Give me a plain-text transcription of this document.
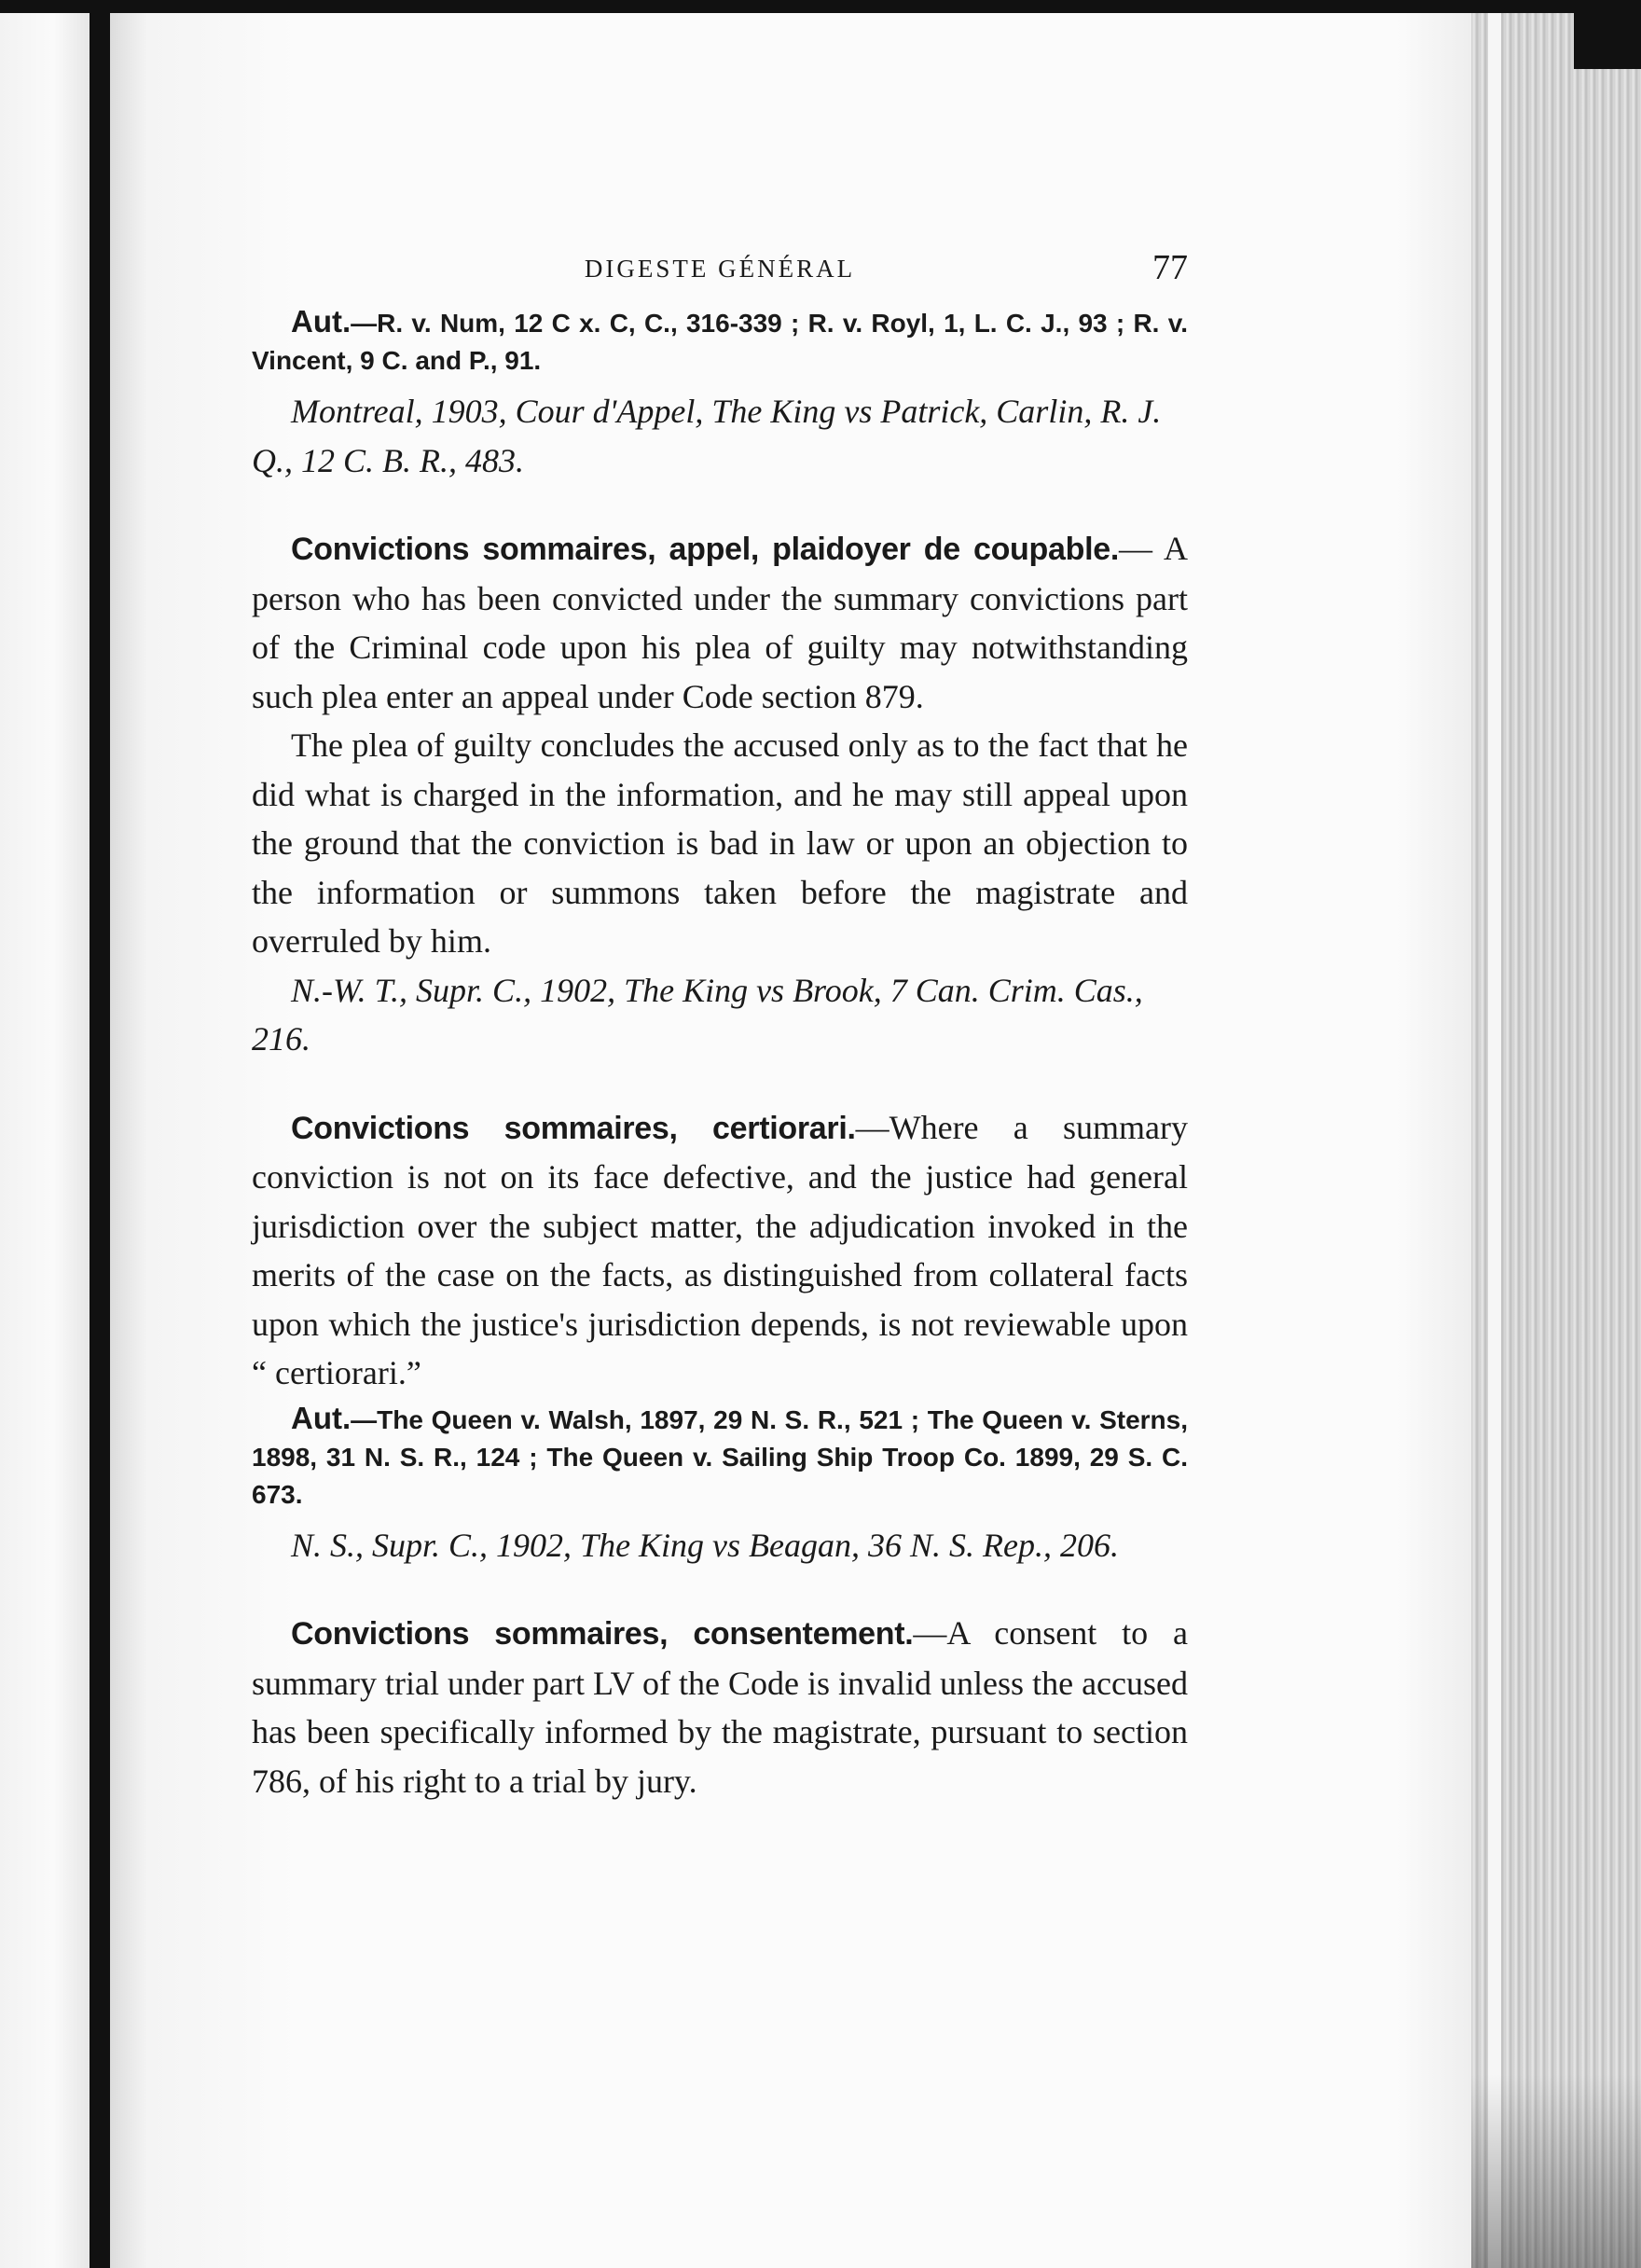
DIGESTE GÉNÉRAL	77

Aut.—R. v. Num, 12 C x. C, C., 316-339 ; R. v. Royl, 1, L. C. J., 93 ; R. v. Vincent, 9 C. and P., 91.

Montreal, 1903, Cour d'Appel, The King vs Patrick, Carlin, R. J. Q., 12 C. B. R., 483.

Convictions sommaires, appel, plaidoyer de coupable.— A person who has been convicted under the summary convictions part of the Criminal code upon his plea of guilty may notwithstanding such plea enter an appeal under Code section 879.

The plea of guilty concludes the accused only as to the fact that he did what is charged in the information, and he may still appeal upon the ground that the conviction is bad in law or upon an objection to the information or summons taken before the magistrate and overruled by him.

N.-W. T., Supr. C., 1902, The King vs Brook, 7 Can. Crim. Cas., 216.

Convictions sommaires, certiorari.—Where a summary conviction is not on its face defective, and the justice had general jurisdiction over the subject matter, the adjudication invoked in the merits of the case on the facts, as distinguished from collateral facts upon which the justice's jurisdiction depends, is not reviewable upon “ certiorari.”

Aut.—The Queen v. Walsh, 1897, 29 N. S. R., 521 ; The Queen v. Sterns, 1898, 31 N. S. R., 124 ; The Queen v. Sailing Ship Troop Co. 1899, 29 S. C. 673.

N. S., Supr. C., 1902, The King vs Beagan, 36 N. S. Rep., 206.

Convictions sommaires, consentement.—A consent to a summary trial under part LV of the Code is invalid unless the accused has been specifically informed by the magistrate, pursuant to section 786, of his right to a trial by jury.
